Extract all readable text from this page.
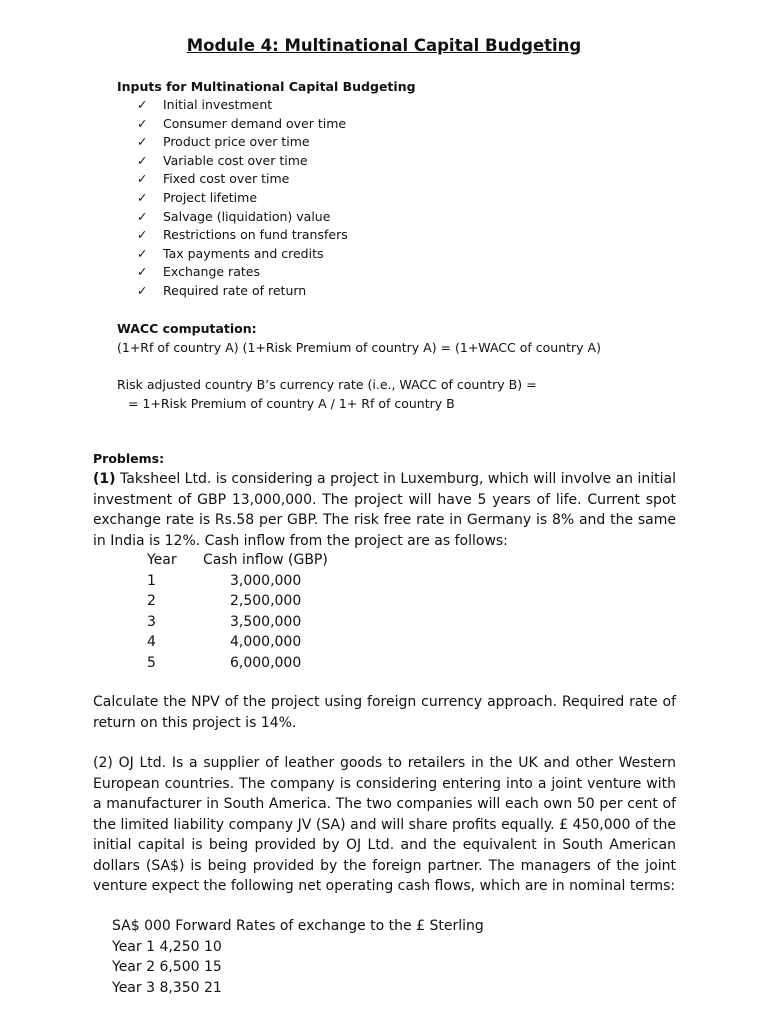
Module 4: Multinational Capital Budgeting
Inputs for Multinational Capital Budgeting
✓ Initial investment
✓ Consumer demand over time
✓ Product price over time
✓ Variable cost over time
✓ Fixed cost over time
✓ Project lifetime
✓ Salvage (liquidation) value
✓ Restrictions on fund transfers
✓ Tax payments and credits
✓ Exchange rates
✓ Required rate of return
WACC computation:
(1+Rf of country A) (1+Risk Premium of country A) = (1+WACC of country A)
Risk adjusted country B’s currency rate (i.e., WACC of country B) =
= 1+Risk Premium of country A / 1+ Rf of country B
Problems:
(1) Taksheel Ltd. is considering a project in Luxemburg, which will involve an initial investment of GBP 13,000,000. The project will have 5 years of life. Current spot exchange rate is Rs.58 per GBP. The risk free rate in Germany is 8% and the same in India is 12%. Cash inflow from the project are as follows:
Year Cash inflow (GBP)
1	3,000,000
2	2,500,000
3	3,500,000
4	4,000,000
5	6,000,000
Calculate the NPV of the project using foreign currency approach. Required rate of return on this project is 14%.
(2) OJ Ltd. Is a supplier of leather goods to retailers in the UK and other Western European countries. The company is considering entering into a joint venture with a manufacturer in South America. The two companies will each own 50 per cent of the limited liability company JV (SA) and will share profits equally. £ 450,000 of the initial capital is being provided by OJ Ltd. and the equivalent in South American dollars (SA$) is being provided by the foreign partner. The managers of the joint venture expect the following net operating cash flows, which are in nominal terms:
SA$ 000 Forward Rates of exchange to the £ Sterling
Year 1 4,250 10
Year 2 6,500 15
Year 3 8,350 21
